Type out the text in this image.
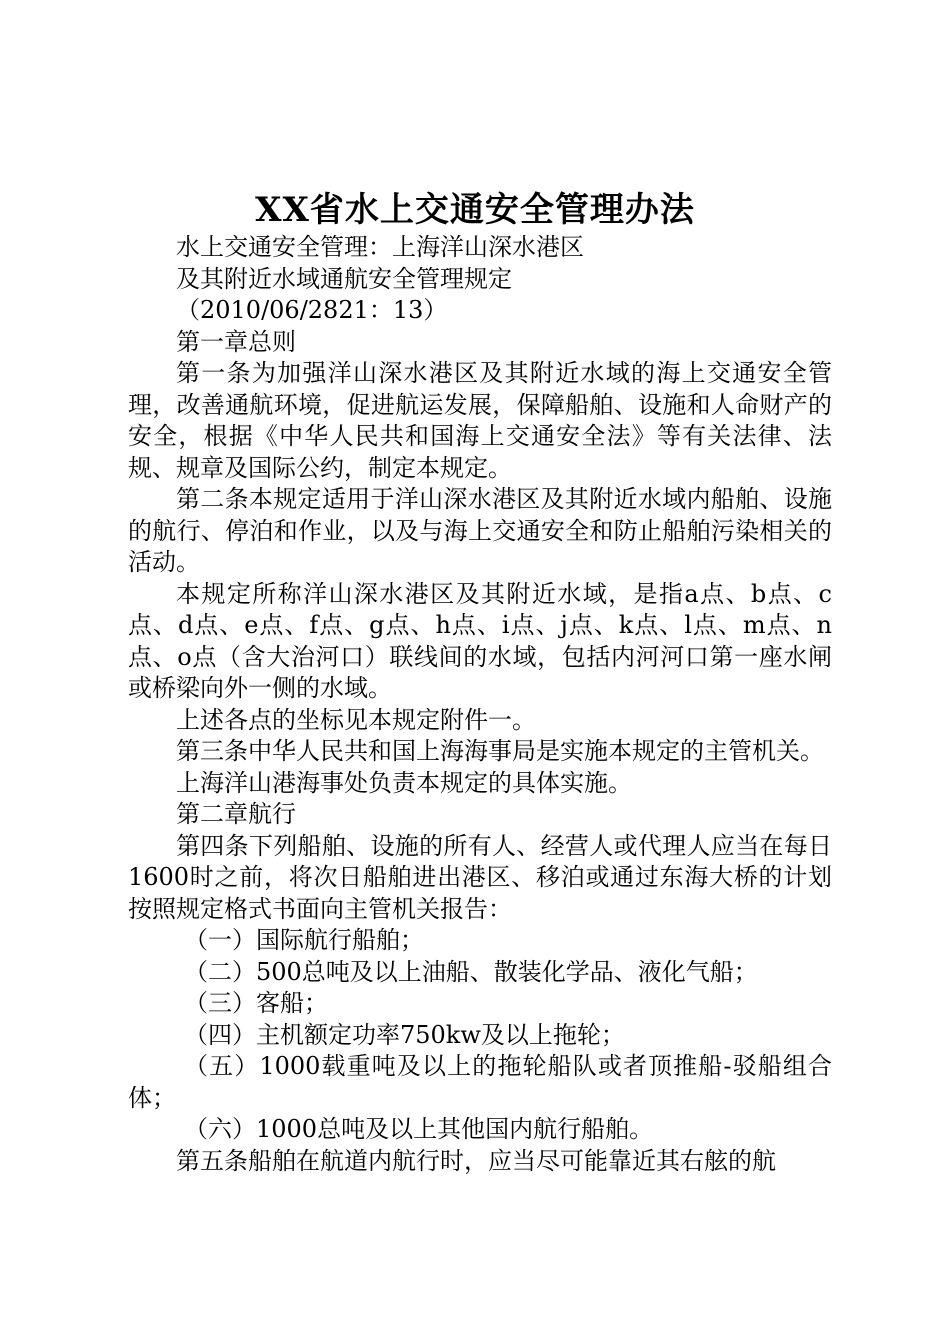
XX省水上交通安全管理办法

水上交通安全管理：上海洋山深水港区

及其附近水域通航安全管理规定

（2010/06/2821：13）

第一章总则

第一条为加强洋山深水港区及其附近水域的海上交通安全管理，改善通航环境，促进航运发展，保障船舶、设施和人命财产的安全，根据《中华人民共和国海上交通安全法》等有关法律、法规、规章及国际公约，制定本规定。

第二条本规定适用于洋山深水港区及其附近水域内船舶、设施的航行、停泊和作业，以及与海上交通安全和防止船舶污染相关的活动。

本规定所称洋山深水港区及其附近水域，是指a点、b点、c点、d点、e点、f点、g点、h点、i点、j点、k点、l点、m点、n点、o点（含大治河口）联线间的水域，包括内河河口第一座水闸或桥梁向外一侧的水域。

上述各点的坐标见本规定附件一。

第三条中华人民共和国上海海事局是实施本规定的主管机关。

上海洋山港海事处负责本规定的具体实施。

第二章航行

第四条下列船舶、设施的所有人、经营人或代理人应当在每日1600时之前，将次日船舶进出港区、移泊或通过东海大桥的计划按照规定格式书面向主管机关报告：

（一）国际航行船舶；

（二）500总吨及以上油船、散装化学品、液化气船；

（三）客船；

（四）主机额定功率750kw及以上拖轮；

（五）1000载重吨及以上的拖轮船队或者顶推船-驳船组合体；

（六）1000总吨及以上其他国内航行船舶。

第五条船舶在航道内航行时，应当尽可能靠近其右舷的航
